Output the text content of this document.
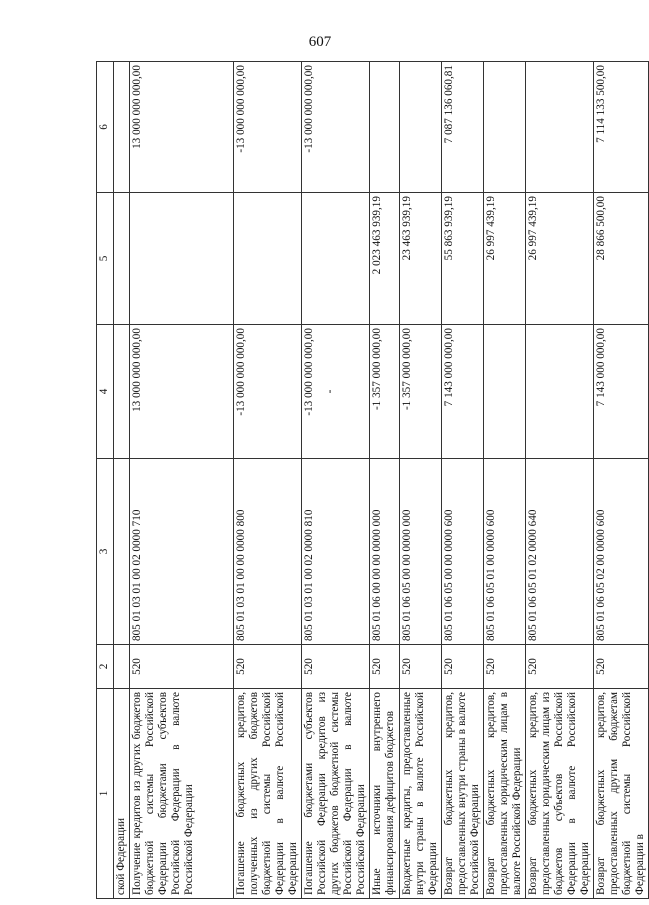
607
1	2	3	4	5	6
ской Федерации					
Получение кредитов из других бюджетов бюджетной системы Российской Федерации бюджетами субъектов Российской Федерации в валюте Российской Федерации	520	805 01 03 01 00 02 0000 710	13 000 000 000,00		13 000 000 000,00
Погашение бюджетных кредитов, полученных из других бюджетов бюджетной системы Российской Федерации в валюте Российской Федерации	520	805 01 03 01 00 00 0000 800	-13 000 000 000,00		-13 000 000 000,00
Погашение бюджетами субъектов Российской Федерации кредитов из других бюджетов бюджетной системы Российской Федерации в валюте Российской Федерации	520	805 01 03 01 00 02 0000 810	-13 000 000 000,00 -		-13 000 000 000,00
Иные источники внутреннего финансирования дефицитов бюджетов	520	805 01 06 00 00 00 0000 000	-1 357 000 000,00	2 023 463 939,19	
Бюджетные кредиты, предоставленные внутри страны в валюте Российской Федерации	520	805 01 06 05 00 00 0000 000	-1 357 000 000,00	23 463 939,19	
Возврат бюджетных кредитов, предоставленных внутри страны в валюте Российской Федерации	520	805 01 06 05 00 00 0000 600	7 143 000 000,00	55 863 939,19	7 087 136 060,81
Возврат бюджетных кредитов, предоставленных юридическим лицам в валюте Российской Федерации	520	805 01 06 05 01 00 0000 600		26 997 439,19	
Возврат бюджетных кредитов, предоставленных юридическим лицам из бюджетов субъектов Российской Федерации в валюте Российской Федерации	520	805 01 06 05 01 02 0000 640		26 997 439,19	
Возврат бюджетных кредитов, предоставленных другим бюджетам бюджетной системы Российской Федерации в	520	805 01 06 05 02 00 0000 600	7 143 000 000,00	28 866 500,00	7 114 133 500,00
